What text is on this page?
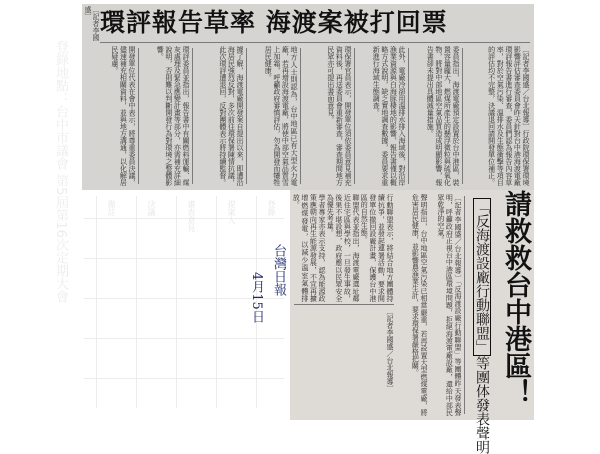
登錄地點：台中市議會 第5屆第16次定期大會	登錄
提案人
審查意見
決議
備註
〔記者李國盛〕 環評報告草率 海渡案被打回票
〔記者李國盛／台北報導〕行政院環保署環境影響評估審查委員會昨天針對台中港海渡電廠環評報告書進行審查，委員們認為報告內容草率，對於空氣污染、溫排水及生態衝擊等項目的評估均不完整，決議退回請開發單位補正。
委員指出，海渡電廠預定設置於台中港區，裝置容量龐大，燃煤所產生的懸浮微粒與硫氧化物，將對中部地區空氣品質造成明顯影響，報告書卻未提出具體減量措施。
此外，電廠冷卻用溫排水排入海域後，對沿岸漁業資源與白海豚棲地的影響，報告書僅以概略方式說明，缺乏實地調查數據，委員要求重新進行海域生態調查。
環保署官員表示，開發單位須依委員意見補充資料後，再送委員會重新審查，審查期間地方民眾亦可提出書面意見。
地方人士則認為，台中地區已有大型火力電廠，若再增設海渡電廠，將使中部空氣品質雪上加霜，呼籲政府審慎評估，勿為開發而犧牲居民健康。
據了解，海渡電廠開發案自提出以來，即遭沿海居民強烈反對，多次前往環保署陳情抗議，此次環評遭退回，反對團體表示將持續監督。
環評委員並指出，報告書中有關燃料運輸、煤灰處理及緊急應變計畫等部分，亦需補充詳細說明，否則難以判斷開發行為對環境之整體影響。
開發單位代表在會中表示，將尊重委員決議，儘速補充相關資料，並與地方溝通，以化解居民疑慮。
請救救台中港區！
「反海渡設廠行動聯盟」等團体發表聲明
〔記者李國盛／台北報導〕「反海渡設廠行動聯盟」等團體昨天發表聲明，呼籲政府正視台中港區環境問題，拒絕海渡電廠設廠，還給中部民眾乾淨的空氣。
聲明指出，台中地區空氣污染已相當嚴重，若再設置大型燃煤電廠，將危害居民健康，並影響農漁業生計，要求環保署嚴格把關。
行動聯盟表示，將結合地方團體持續抗爭，並發起連署活動，要求開發單位撤回設廠計畫，保護台中港區的自然生態。
聯盟代表並指出，海渡電廠選址鄰近住宅區與學校，一旦發生事故，後果不堪設想，政府應以民眾安全為優先考量。
學者專家亦表示支持，認為能源政策應朝向再生能源發展，不宜再擴增燃煤發電，以減少溫室氣體排放。
〔記者李國盛／台北報導〕
台灣日報
4月15日
